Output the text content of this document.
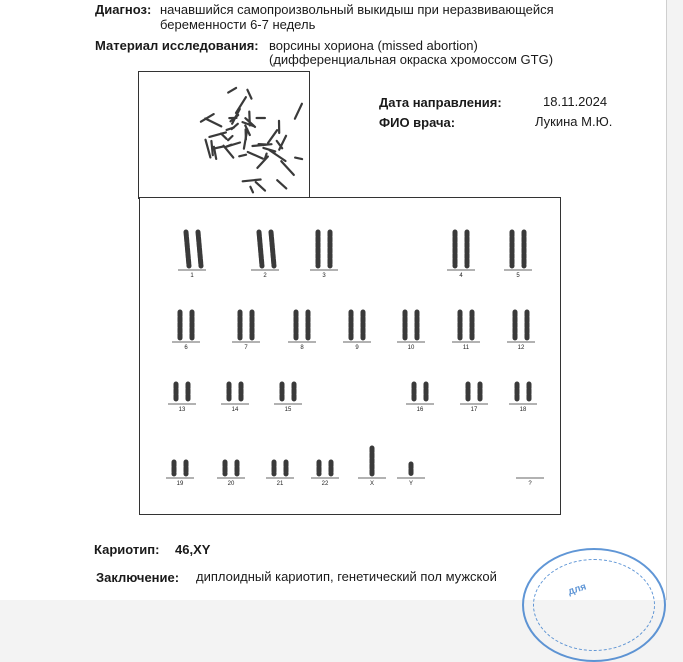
Диагноз: начавшийся самопроизвольный выкидыш при неразвивающейся
беременности 6-7 недель
Материал исследования: ворсины хориона (missed abortion)
(дифференциальная окраска хромоссом GTG)
Дата направления:	18.11.2024
ФИО врача:	Лукина М.Ю.
1	2	3	4	5
6	7	8	9	10	11	12
13	14	15	16	17	18
19	20	21	22	X	Y	?
Кариотип: 46,XY
Заключение: диплоидный кариотип, генетический пол мужской
для
